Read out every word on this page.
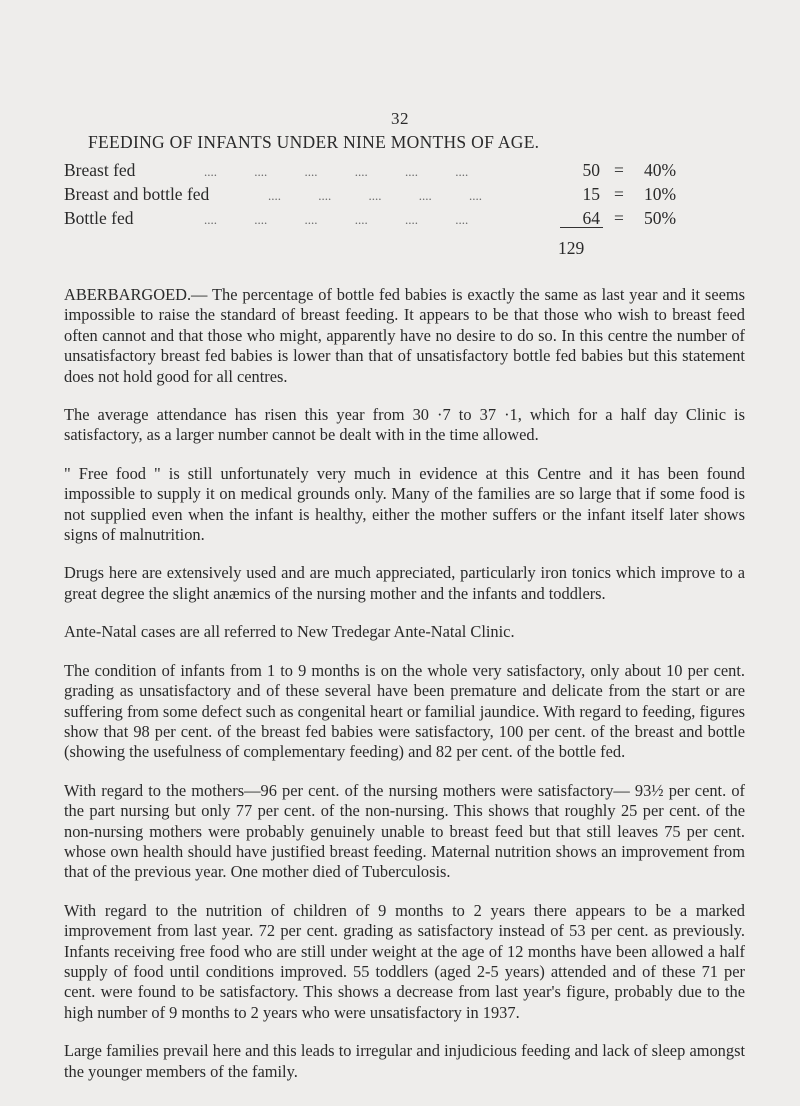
32
FEEDING OF INFANTS UNDER NINE MONTHS OF AGE.
Breast fed	.... .... .... .... .... ....	50 = 40%
Breast and bottle fed	.... .... .... .... ....	15 = 10%
Bottle fed	.... .... .... .... .... ....	64 = 50%
129

ABERBARGOED.— The percentage of bottle fed babies is exactly the same as last year and it seems impossible to raise the standard of breast feeding. It appears to be that those who wish to breast feed often cannot and that those who might, apparently have no desire to do so. In this centre the number of unsatisfactory breast fed babies is lower than that of unsatisfactory bottle fed babies but this statement does not hold good for all centres.

The average attendance has risen this year from 30 ·7 to 37 ·1, which for a half day Clinic is satisfactory, as a larger number cannot be dealt with in the time allowed.

" Free food " is still unfortunately very much in evidence at this Centre and it has been found impossible to supply it on medical grounds only. Many of the families are so large that if some food is not supplied even when the infant is healthy, either the mother suffers or the infant itself later shows signs of malnutrition.

Drugs here are extensively used and are much appreciated, particularly iron tonics which improve to a great degree the slight anæmics of the nursing mother and the infants and toddlers.

Ante-Natal cases are all referred to New Tredegar Ante-Natal Clinic.

The condition of infants from 1 to 9 months is on the whole very satisfactory, only about 10 per cent. grading as unsatisfactory and of these several have been premature and delicate from the start or are suffering from some defect such as congenital heart or familial jaundice. With regard to feeding, figures show that 98 per cent. of the breast fed babies were satisfactory, 100 per cent. of the breast and bottle (showing the usefulness of complementary feeding) and 82 per cent. of the bottle fed.

With regard to the mothers—96 per cent. of the nursing mothers were satisfactory— 93½ per cent. of the part nursing but only 77 per cent. of the non-nursing. This shows that roughly 25 per cent. of the non-nursing mothers were probably genuinely unable to breast feed but that still leaves 75 per cent. whose own health should have justified breast feeding. Maternal nutrition shows an improvement from that of the previous year. One mother died of Tuberculosis.

With regard to the nutrition of children of 9 months to 2 years there appears to be a marked improvement from last year. 72 per cent. grading as satisfactory instead of 53 per cent. as previously. Infants receiving free food who are still under weight at the age of 12 months have been allowed a half supply of food until conditions improved. 55 toddlers (aged 2-5 years) attended and of these 71 per cent. were found to be satisfactory. This shows a decrease from last year's figure, probably due to the high number of 9 months to 2 years who were unsatisfactory in 1937.

Large families prevail here and this leads to irregular and injudicious feeding and lack of sleep amongst the younger members of the family.
